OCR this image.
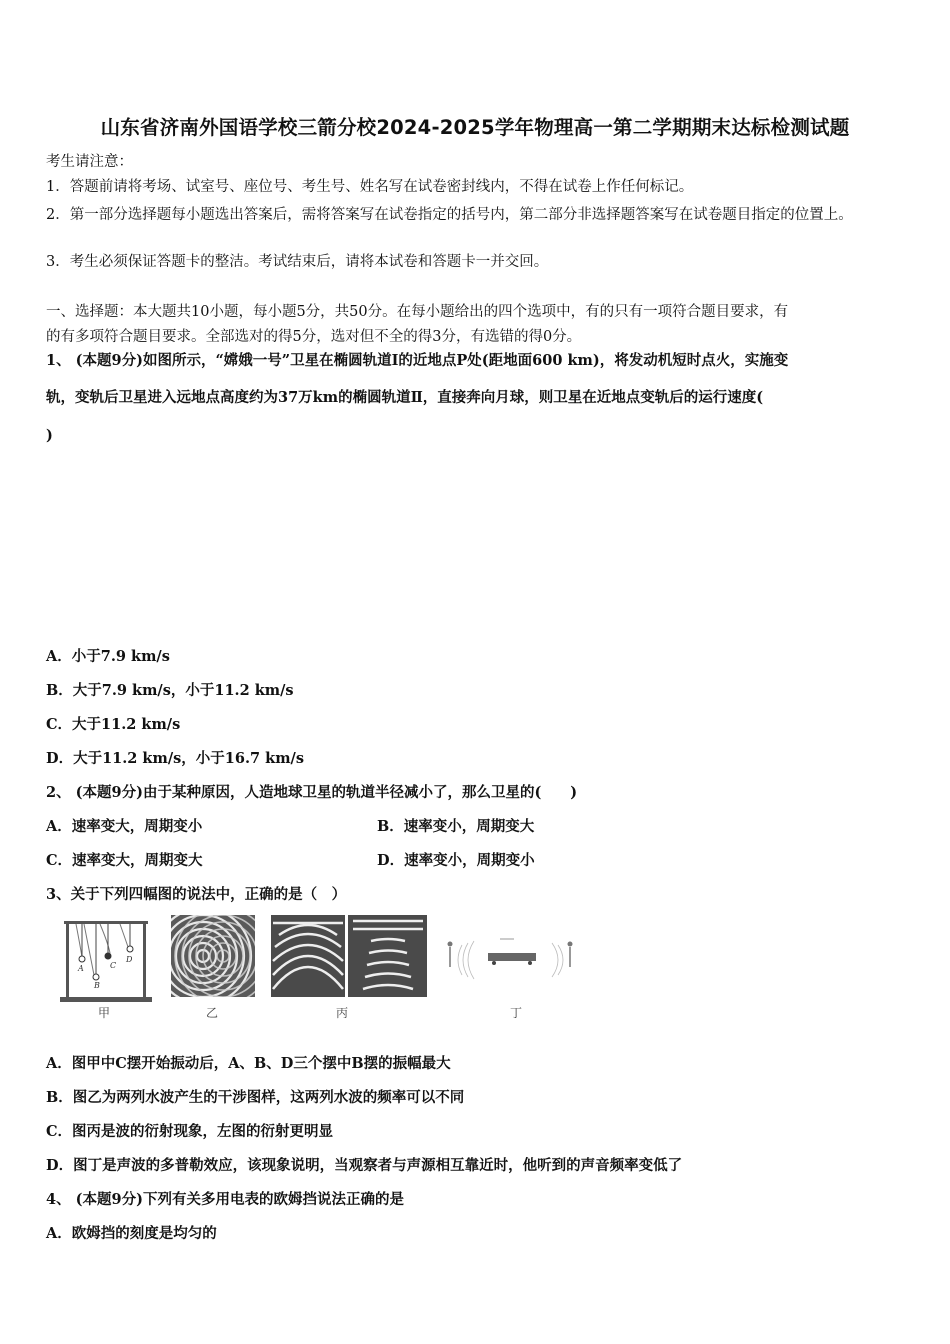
山东省济南外国语学校三箭分校2024-2025学年物理高一第二学期期末达标检测试题
考生请注意：
1．答题前请将考场、试室号、座位号、考生号、姓名写在试卷密封线内，不得在试卷上作任何标记。
2．第一部分选择题每小题选出答案后，需将答案写在试卷指定的括号内，第二部分非选择题答案写在试卷题目指定的位置上。
3．考生必须保证答题卡的整洁。考试结束后，请将本试卷和答题卡一并交回。
一、选择题：本大题共10小题，每小题5分，共50分。在每小题给出的四个选项中，有的只有一项符合题目要求，有
的有多项符合题目要求。全部选对的得5分，选对但不全的得3分，有选错的得0分。
1、 (本题9分)如图所示，“嫦娥一号”卫星在椭圆轨道Ⅰ的近地点P处(距地面600 km)，将发动机短时点火，实施变
轨，变轨后卫星进入远地点高度约为37万km的椭圆轨道Ⅱ，直接奔向月球，则卫星在近地点变轨后的运行速度(
)
A．小于7.9 km/s
B．大于7.9 km/s，小于11.2 km/s
C．大于11.2 km/s
D．大于11.2 km/s，小于16.7 km/s
2、 (本题9分)由于某种原因，人造地球卫星的轨道半径减小了，那么卫星的(　　)
A．速率变大，周期变小	B．速率变小，周期变大
C．速率变大，周期变大	D．速率变小，周期变小
3、关于下列四幅图的说法中，正确的是（　）
A
B
C
D
甲	乙	丙	丁
A．图甲中C摆开始振动后，A、B、D三个摆中B摆的振幅最大
B．图乙为两列水波产生的干涉图样，这两列水波的频率可以不同
C．图丙是波的衍射现象，左图的衍射更明显
D．图丁是声波的多普勒效应，该现象说明，当观察者与声源相互靠近时，他听到的声音频率变低了
4、 (本题9分)下列有关多用电表的欧姆挡说法正确的是
A．欧姆挡的刻度是均匀的
